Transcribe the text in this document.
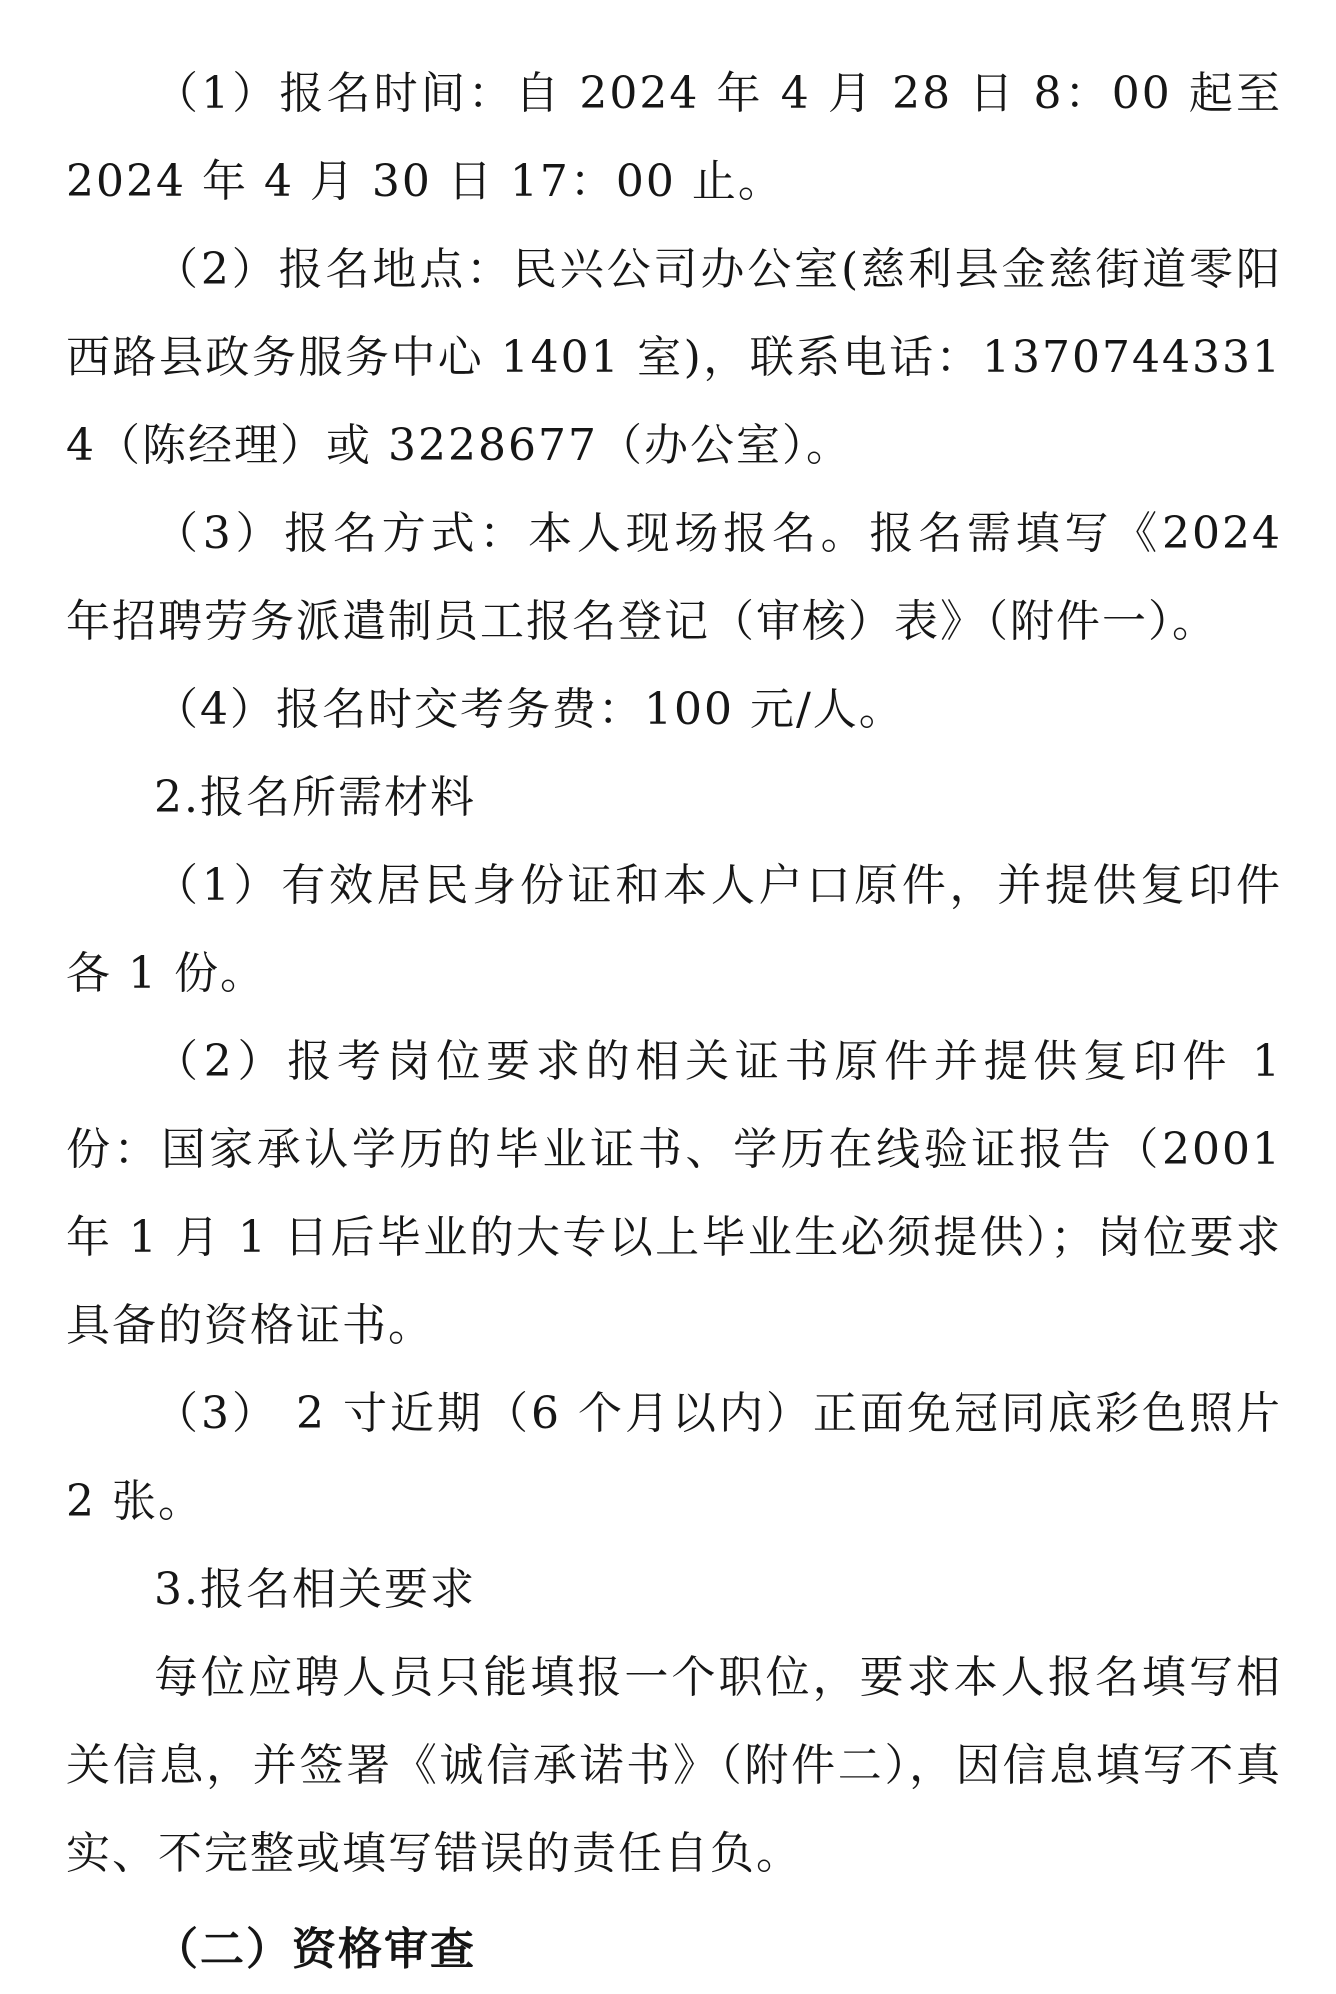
（1）报名时间：自 2024 年 4 月 28 日 8：00 起至 2024 年 4 月 30 日 17：00 止。

（2）报名地点：民兴公司办公室(慈利县金慈街道零阳西路县政务服务中心 1401 室)，联系电话：13707443314（陈经理）或 3228677（办公室）。

（3）报名方式：本人现场报名。报名需填写《2024 年招聘劳务派遣制员工报名登记（审核）表》（附件一）。

（4）报名时交考务费：100 元/人。

2.报名所需材料

（1）有效居民身份证和本人户口原件，并提供复印件各 1 份。

（2）报考岗位要求的相关证书原件并提供复印件 1 份：国家承认学历的毕业证书、学历在线验证报告（2001 年 1 月 1 日后毕业的大专以上毕业生必须提供）；岗位要求具备的资格证书。

（3） 2 寸近期（6 个月以内）正面免冠同底彩色照片 2 张。

3.报名相关要求

每位应聘人员只能填报一个职位，要求本人报名填写相关信息，并签署《诚信承诺书》（附件二），因信息填写不真实、不完整或填写错误的责任自负。

（二）资格审查
